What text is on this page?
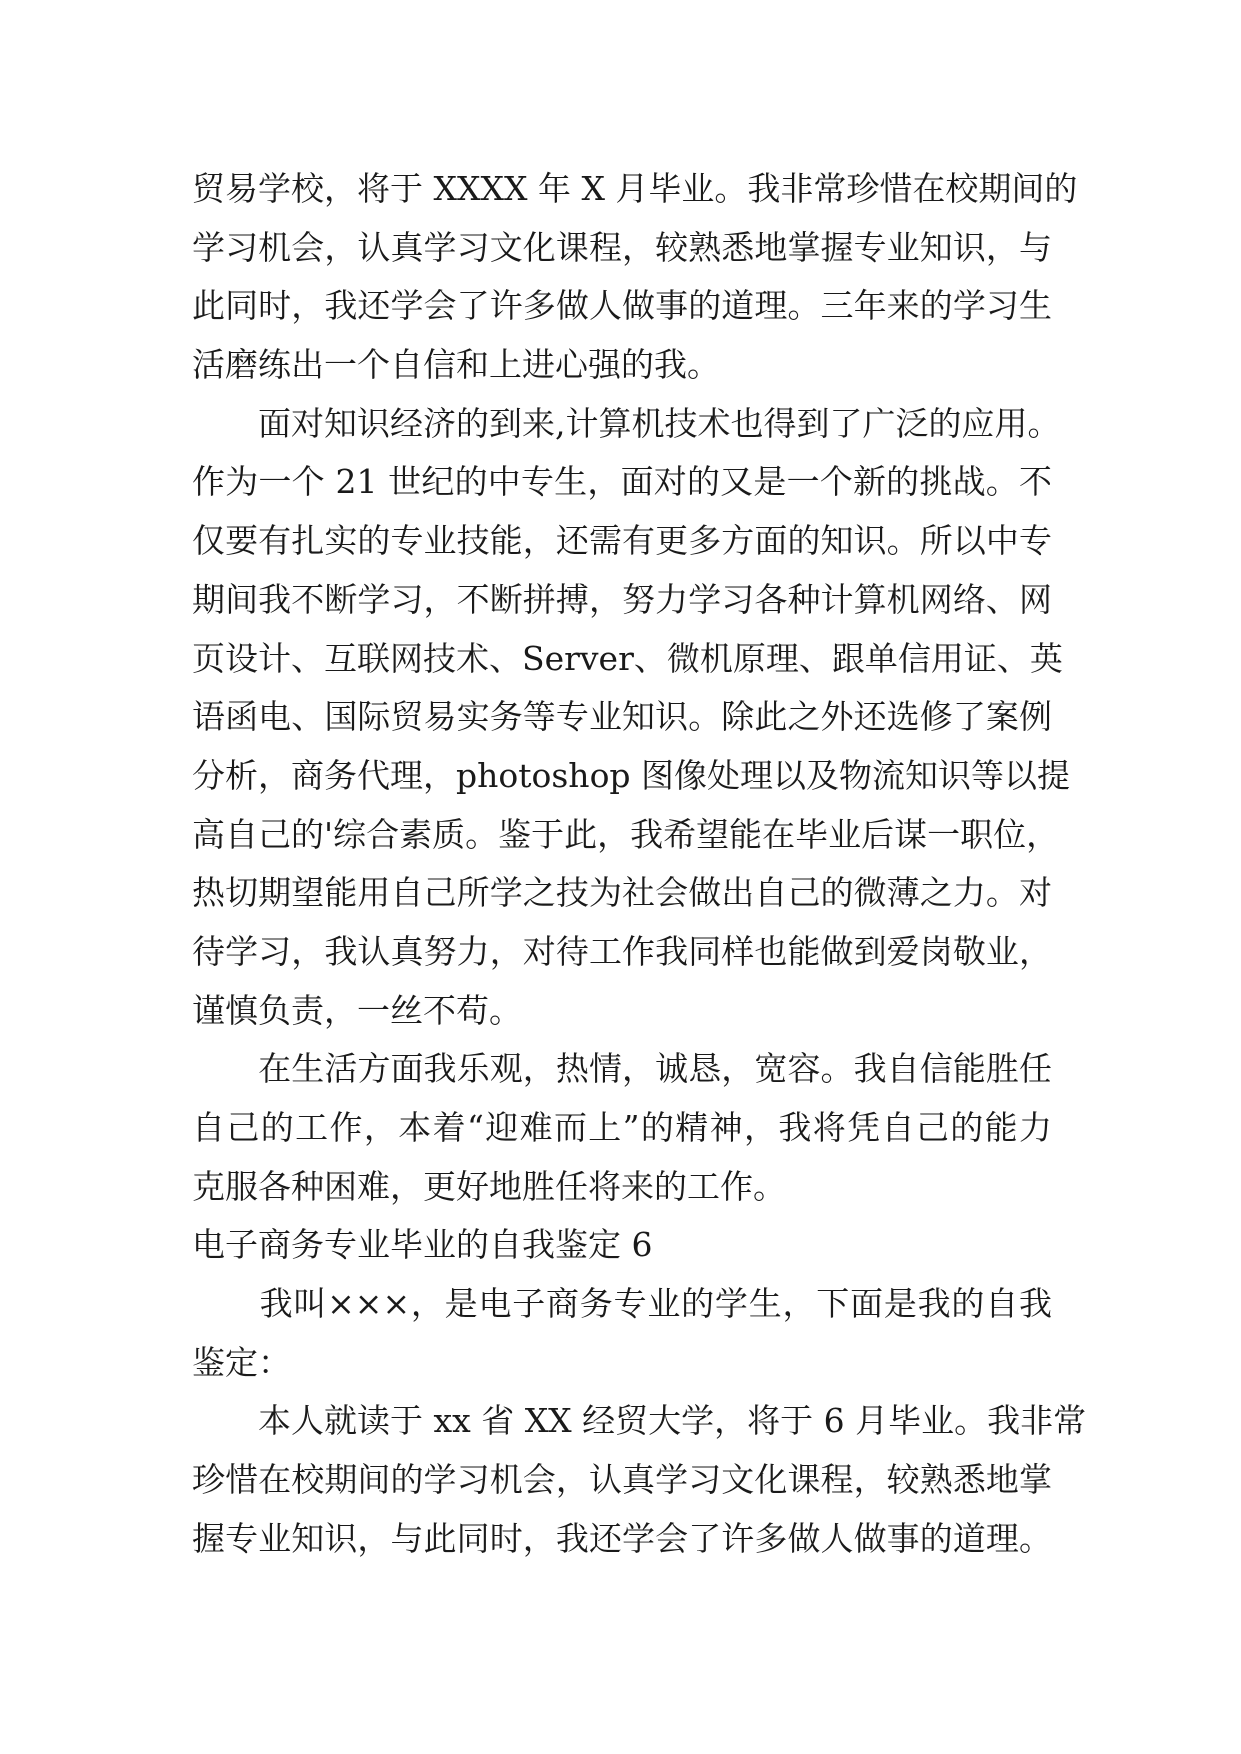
贸易学校，将于 XXXX 年 X 月毕业。我非常珍惜在校期间的
学习机会，认真学习文化课程，较熟悉地掌握专业知识，与
此同时，我还学会了许多做人做事的道理。三年来的学习生
活磨练出一个自信和上进心强的我。
　　面对知识经济的到来,计算机技术也得到了广泛的应用。
作为一个 21 世纪的中专生，面对的又是一个新的挑战。不
仅要有扎实的专业技能，还需有更多方面的知识。所以中专
期间我不断学习，不断拼搏，努力学习各种计算机网络、网
页设计、互联网技术、Server、微机原理、跟单信用证、英
语函电、国际贸易实务等专业知识。除此之外还选修了案例
分析，商务代理，photoshop 图像处理以及物流知识等以提
高自己的'综合素质。鉴于此，我希望能在毕业后谋一职位，
热切期望能用自己所学之技为社会做出自己的微薄之力。对
待学习，我认真努力，对待工作我同样也能做到爱岗敬业，
谨慎负责，一丝不苟。
　　在生活方面我乐观，热情，诚恳，宽容。我自信能胜任
自己的工作，本着“迎难而上”的精神，我将凭自己的能力
克服各种困难，更好地胜任将来的工作。
电子商务专业毕业的自我鉴定 6
　　我叫×××，是电子商务专业的学生，下面是我的自我
鉴定：
　　本人就读于 xx 省 XX 经贸大学，将于 6 月毕业。我非常
珍惜在校期间的学习机会，认真学习文化课程，较熟悉地掌
握专业知识，与此同时，我还学会了许多做人做事的道理。
